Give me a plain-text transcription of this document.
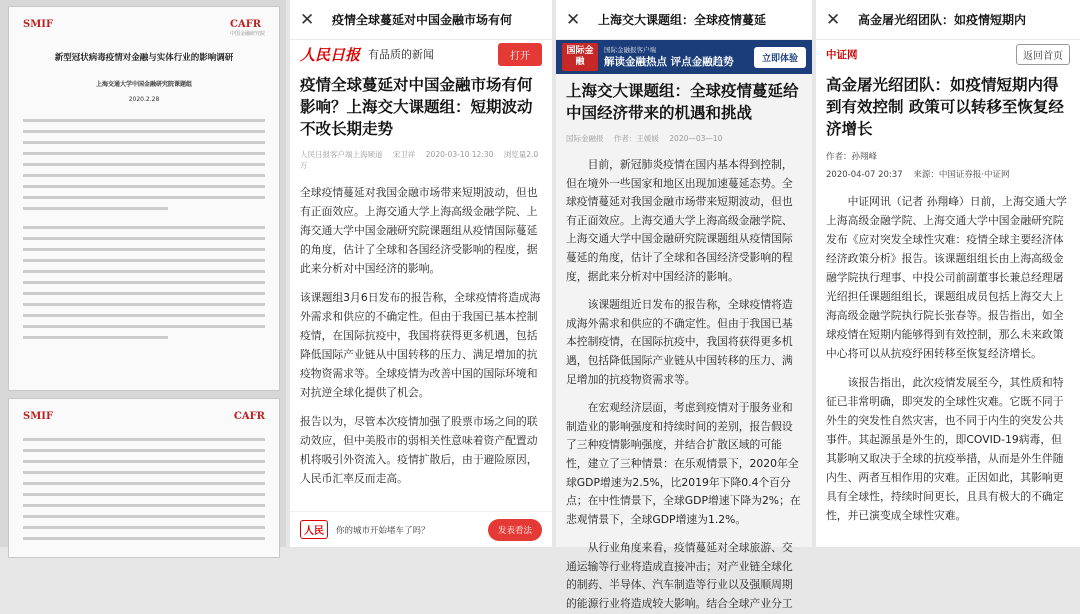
SMIF	CAFR
中国金融研究院
新型冠状病毒疫情对金融与实体行业的影响调研
上海交通大学中国金融研究院课题组
2020.2.28
SMIF	CAFR
✕	疫情全球蔓延对中国金融市场有何
人民日报 有品质的新闻	打开
疫情全球蔓延对中国金融市场有何影响？上海交大课题组：短期波动不改长期走势
人民日报客户端上海频道 宋卫祥 2020-03-10 12:30 浏览量2.0万

全球疫情蔓延对我国金融市场带来短期波动，但也有正面效应。上海交通大学上海高级金融学院、上海交通大学中国金融研究院课题组从疫情国际蔓延的角度，估计了全球和各国经济受影响的程度，据此来分析对中国经济的影响。

该课题组3月6日发布的报告称，全球疫情将造成海外需求和供应的不确定性。但由于我国已基本控制疫情，在国际抗疫中，我国将获得更多机遇，包括降低国际产业链从中国转移的压力、满足增加的抗疫物资需求等。全球疫情为改善中国的国际环境和对抗逆全球化提供了机会。

报告以为，尽管本次疫情加强了股票市场之间的联动效应，但中美股市的弱相关性意味着资产配置动机将吸引外资流入。疫情扩散后，由于避险原因，人民币汇率反而走高。

人民	你的城市开始堵车了吗？	发表看法
✕	上海交大课题组：全球疫情蔓延
国际金融
国际金融报客户端
解读金融热点 评点金融趋势	立即体验
上海交大课题组：全球疫情蔓延给中国经济带来的机遇和挑战
国际金融报 作者：王媛媛 2020—03—10

目前，新冠肺炎疫情在国内基本得到控制，但在境外一些国家和地区出现加速蔓延态势。全球疫情蔓延对我国金融市场带来短期波动，但也有正面效应。上海交通大学上海高级金融学院、上海交通大学中国金融研究院课题组从疫情国际蔓延的角度，估计了全球和各国经济受影响的程度，据此来分析对中国经济的影响。

该课题组近日发布的报告称，全球疫情将造成海外需求和供应的不确定性。但由于我国已基本控制疫情，在国际抗疫中，我国将获得更多机遇，包括降低国际产业链从中国转移的压力、满足增加的抗疫物资需求等。

在宏观经济层面，考虑到疫情对于服务业和制造业的影响强度和持续时间的差别，报告假设了三种疫情影响强度，并结合扩散区域的可能性，建立了三种情景：在乐观情景下，2020年全球GDP增速为2.5%，比2019年下降0.4个百分点；在中性情景下，全球GDP增速下降为2%；在悲观情景下，全球GDP增速为1.2%。

从行业角度来看，疫情蔓延对全球旅游、交通运输等行业将造成直接冲击；对产业链全球化的制药、半导体、汽车制造等行业以及强顺周期的能源行业将造成较大影响。结合全球产业分工

✕	高金屠光绍团队：如疫情短期内
中证网	返回首页
高金屠光绍团队：如疫情短期内得到有效控制 政策可以转移至恢复经济增长
作者：孙翔峰
2020-04-07 20:37 来源：中国证券报·中证网

中证网讯（记者 孙翔峰）日前，上海交通大学上海高级金融学院、上海交通大学中国金融研究院发布《应对突发全球性灾难：疫情全球主要经济体经济政策分析》报告。该课题组组长由上海高级金融学院执行理事、中投公司前副董事长兼总经理屠光绍担任课题组组长，课题组成员包括上海交大上海高级金融学院执行院长张春等。报告指出，如全球疫情在短期内能够得到有效控制，那么未来政策中心将可以从抗疫纾困转移至恢复经济增长。

该报告指出，此次疫情发展至今，其性质和特征已非常明确，即突发的全球性灾难。它既不同于外生的突发性自然灾害，也不同于内生的突发公共事件。其起源虽是外生的，即COVID-19病毒，但其影响又取决于全球的抗疫举措，从而是外生伴随内生、两者互相作用的灾难。正因如此，其影响更具有全球性，持续时间更长，且具有极大的不确定性，并已演变成全球性灾难。
